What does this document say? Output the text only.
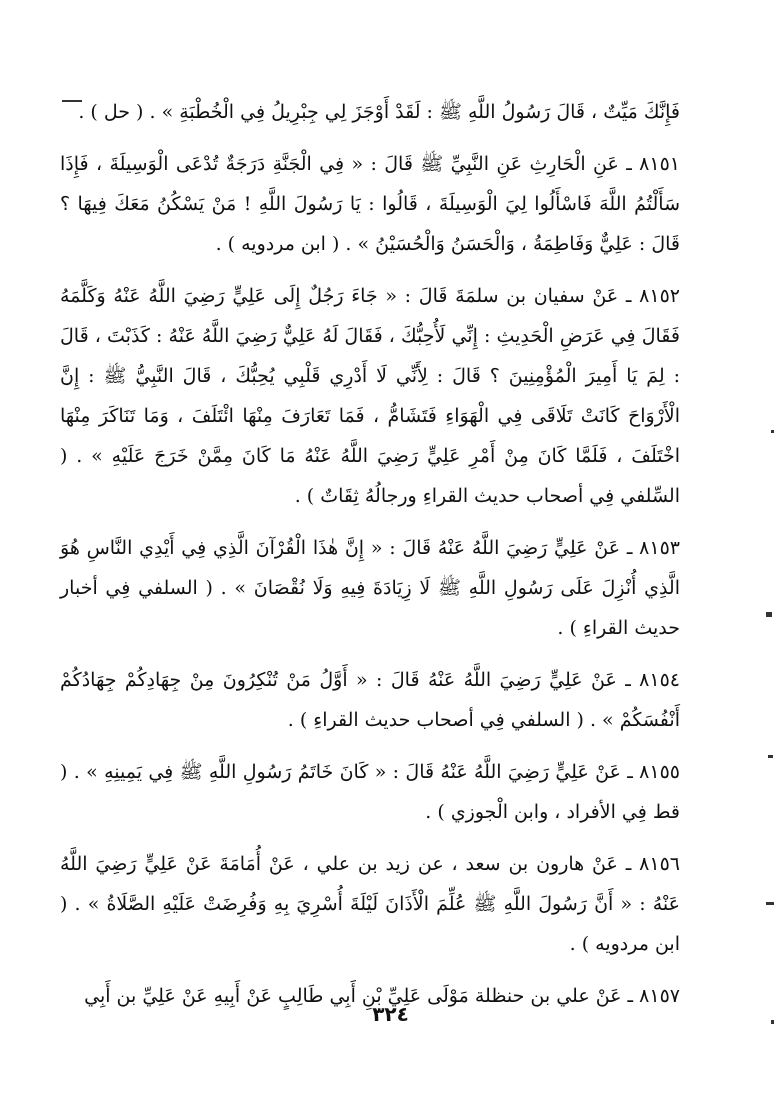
فَإِنَّكَ مَيِّتٌ ، قَالَ رَسُولُ اللَّهِ ﷺ : لَقَدْ أَوْجَزَ لِي جِبْرِيلُ فِي الْخُطْبَةِ » . ( حل ) .

٨١٥١ ـ عَنِ الْحَارِثِ عَنِ النَّبِيِّ ﷺ قَالَ : « فِي الْجَنَّةِ دَرَجَةٌ تُدْعَى الْوَسِيلَةَ ، فَإِذَا سَأَلْتُمُ اللَّهَ فَاسْأَلُوا لِيَ الْوَسِيلَةَ ، قَالُوا : يَا رَسُولَ اللَّهِ ! مَنْ يَسْكُنُ مَعَكَ فِيهَا ؟ قَالَ : عَلِيٌّ وَفَاطِمَةُ ، وَالْحَسَنُ وَالْحُسَيْنُ » . ( ابن مردويه ) .

٨١٥٢ ـ عَنْ سفيان بن سلمَةَ قَالَ : « جَاءَ رَجُلٌ إِلَى عَلِيٍّ رَضِيَ اللَّهُ عَنْهُ وَكَلَّمَهُ فَقَالَ فِي عَرَضِ الْحَدِيثِ : إِنِّي لَأُحِبُّكَ ، فَقَالَ لَهُ عَلِيٌّ رَضِيَ اللَّهُ عَنْهُ : كَذَبْتَ ، قَالَ : لِمَ يَا أَمِيرَ الْمُؤْمِنِينَ ؟ قَالَ : لِأَنِّي لَا أَدْرِي قَلْبِي يُحِبُّكَ ، قَالَ النَّبِيُّ ﷺ : إِنَّ الْأَرْوَاحَ كَانَتْ تَلَاقَى فِي الْهَوَاءِ فَتَشَامُّ ، فَمَا تَعَارَفَ مِنْهَا ائْتَلَفَ ، وَمَا تَنَاكَرَ مِنْهَا اخْتَلَفَ ، فَلَمَّا كَانَ مِنْ أَمْرِ عَلِيٍّ رَضِيَ اللَّهُ عَنْهُ مَا كَانَ مِمَّنْ خَرَجَ عَلَيْهِ » . ( السِّلفي فِي أصحاب حديث القراءِ ورجالُهُ ثِقَاتٌ ) .

٨١٥٣ ـ عَنْ عَلِيٍّ رَضِيَ اللَّهُ عَنْهُ قَالَ : « إِنَّ هٰذَا الْقُرْآنَ الَّذِي فِي أَيْدِي النَّاسِ هُوَ الَّذِي أُنْزِلَ عَلَى رَسُولِ اللَّهِ ﷺ لَا زِيَادَةَ فِيهِ وَلَا نُقْصَانَ » . ( السلفي فِي أخبار حديث القراءِ ) .

٨١٥٤ ـ عَنْ عَلِيٍّ رَضِيَ اللَّهُ عَنْهُ قَالَ : « أَوَّلُ مَنْ تُنْكِرُونَ مِنْ جِهَادِكُمْ جِهَادُكُمْ أَنْفُسَكُمْ » . ( السلفي فِي أصحاب حديث القراءِ ) .

٨١٥٥ ـ عَنْ عَلِيٍّ رَضِيَ اللَّهُ عَنْهُ قَالَ : « كَانَ خَاتَمُ رَسُولِ اللَّهِ ﷺ فِي يَمِينِهِ » . ( قط فِي الأفراد ، وابن الْجوزي ) .

٨١٥٦ ـ عَنْ هارون بن سعد ، عن زيد بن علي ، عَنْ أُمَامَةَ عَنْ عَلِيٍّ رَضِيَ اللَّهُ عَنْهُ : « أَنَّ رَسُولَ اللَّهِ ﷺ عُلِّمَ الْأَذَانَ لَيْلَةَ أُسْرِيَ بِهِ وَفُرِضَتْ عَلَيْهِ الصَّلَاةُ » . ( ابن مردويه ) .

٨١٥٧ ـ عَنْ علي بن حنظلة مَوْلَى عَلِيِّ بْنِ أَبِي طَالِبٍ عَنْ أَبِيهِ عَنْ عَلِيِّ بن أَبِي

٣٢٤
